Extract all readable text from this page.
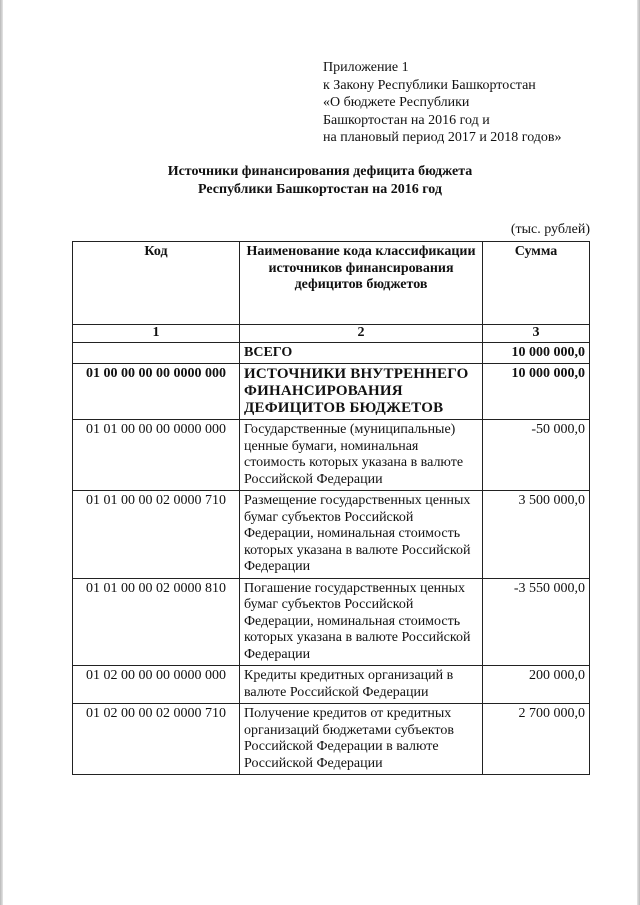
Приложение 1
к Закону Республики Башкортостан
«О бюджете Республики
Башкортостан на 2016 год и
на плановый период 2017 и 2018 годов»
Источники финансирования дефицита бюджета
Республики Башкортостан на 2016 год
(тыс. рублей)
Код	Наименование кода классификации источников финансирования дефицитов бюджетов	Сумма
1	2	3
	ВСЕГО	10 000 000,0
01 00 00 00 00 0000 000	ИСТОЧНИКИ ВНУТРЕННЕГО ФИНАНСИРОВАНИЯ ДЕФИЦИТОВ БЮДЖЕТОВ	10 000 000,0
01 01 00 00 00 0000 000	Государственные (муниципальные) ценные бумаги, номинальная стоимость которых указана в валюте Российской Федерации	-50 000,0
01 01 00 00 02 0000 710	Размещение государственных ценных бумаг субъектов Российской Федерации, номинальная стоимость которых указана в валюте Российской Федерации	3 500 000,0
01 01 00 00 02 0000 810	Погашение государственных ценных бумаг субъектов Российской Федерации, номинальная стоимость которых указана в валюте Российской Федерации	-3 550 000,0
01 02 00 00 00 0000 000	Кредиты кредитных организаций в валюте Российской Федерации	200 000,0
01 02 00 00 02 0000 710	Получение кредитов от кредитных организаций бюджетами субъектов Российской Федерации в валюте Российской Федерации	2 700 000,0
